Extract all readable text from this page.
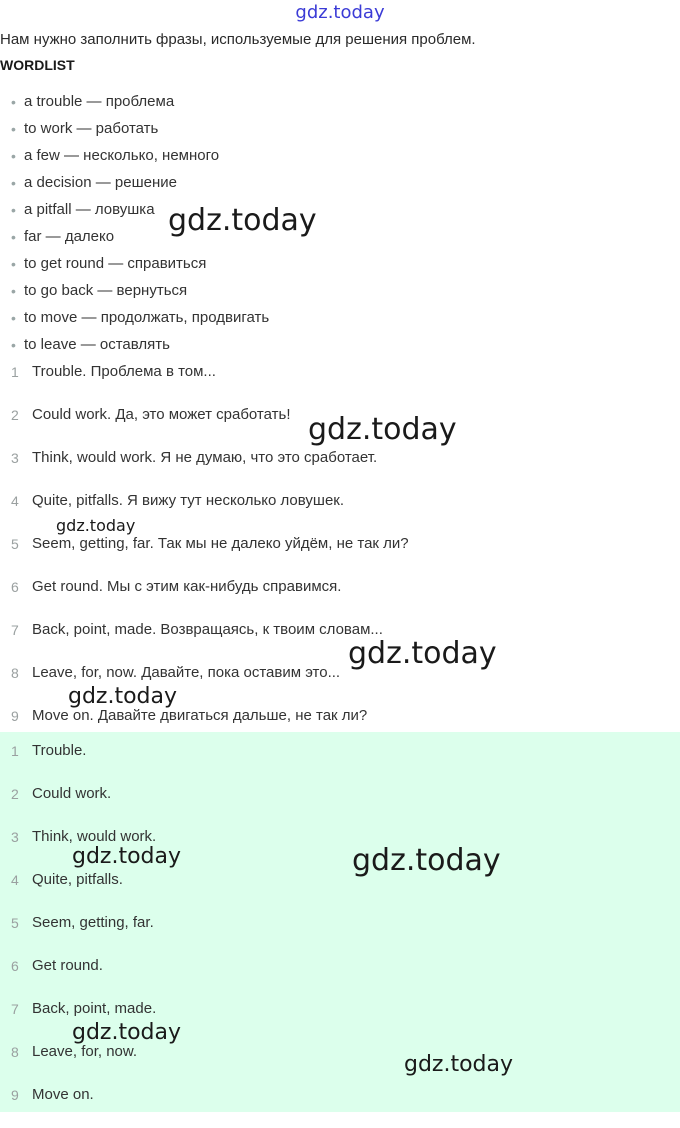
gdz.today
Нам нужно заполнить фразы, используемые для решения проблем.
WORDLIST
• a trouble — проблема
• to work — работать
• a few — несколько, немного
• a decision — решение
• a pitfall — ловушка
• far — далеко
• to get round — справиться
• to go back — вернуться
• to move — продолжать, продвигать
• to leave — оставлять
1 Trouble. Проблема в том...
2 Could work. Да, это может сработать!
3 Think, would work. Я не думаю, что это сработает.
4 Quite, pitfalls. Я вижу тут несколько ловушек.
5 Seem, getting, far. Так мы не далеко уйдём, не так ли?
6 Get round. Мы с этим как-нибудь справимся.
7 Back, point, made. Возвращаясь, к твоим словам...
8 Leave, for, now. Давайте, пока оставим это...
9 Move on. Давайте двигаться дальше, не так ли?
1 Trouble.
2 Could work.
3 Think, would work.
4 Quite, pitfalls.
5 Seem, getting, far.
6 Get round.
7 Back, point, made.
8 Leave, for, now.
9 Move on.
gdz.today
gdz.today
gdz.today
gdz.today
gdz.today
gdz.today	gdz.today
gdz.today
gdz.today
